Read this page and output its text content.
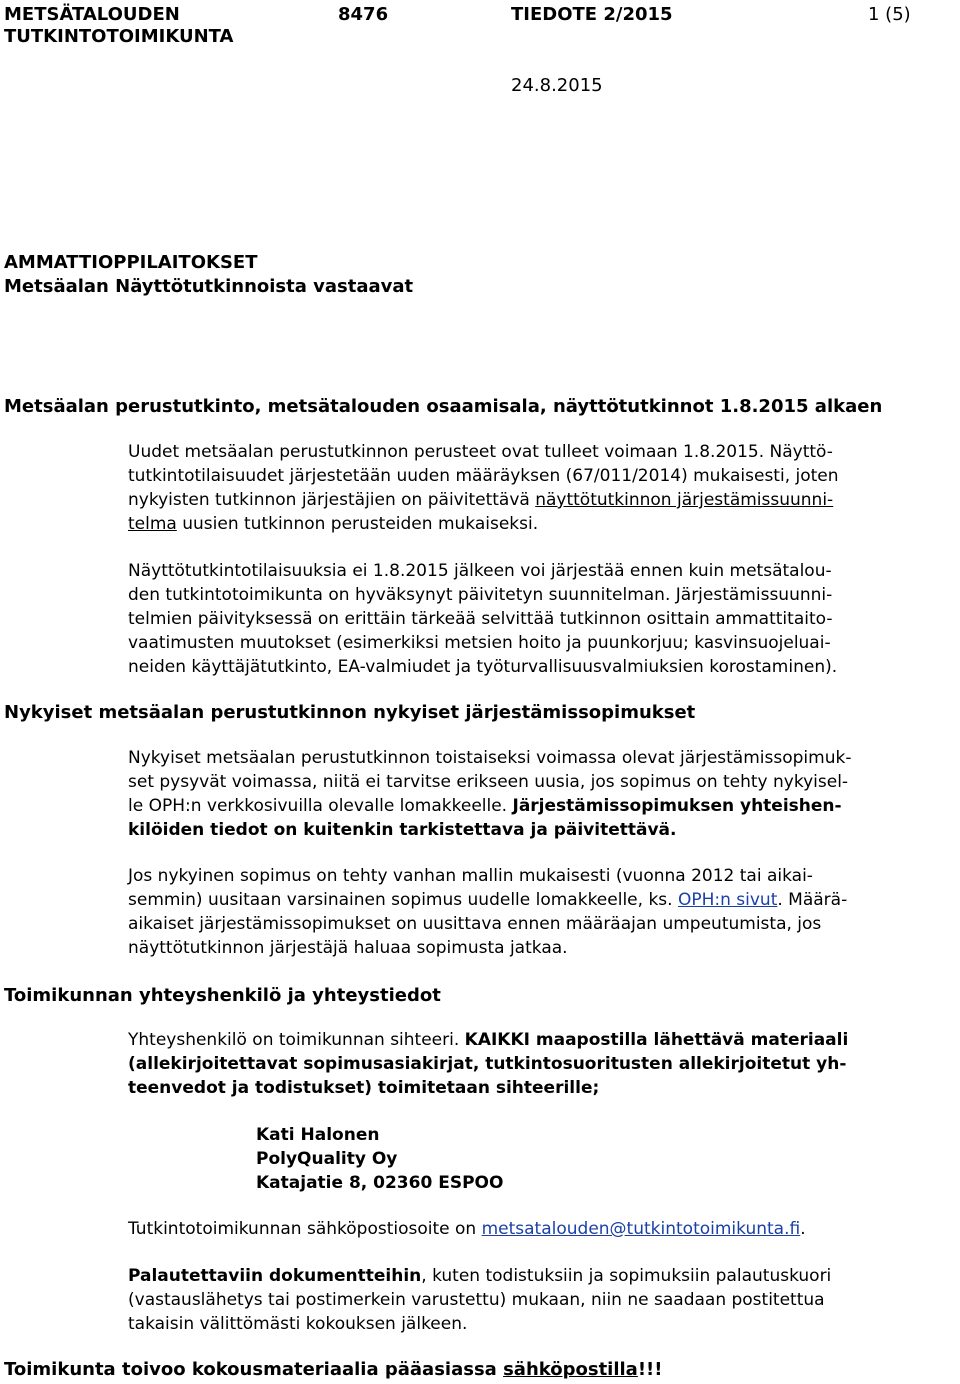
METSÄTALOUDEN
TUTKINTOTOIMIKUNTA
8476	TIEDOTE 2/2015	1 (5)
24.8.2015
AMMATTIOPPILAITOKSET
Metsäalan Näyttötutkinnoista vastaavat
Metsäalan perustutkinto, metsätalouden osaamisala, näyttötutkinnot 1.8.2015 alkaen
Uudet metsäalan perustutkinnon perusteet ovat tulleet voimaan 1.8.2015. Näyttö-
tutkintotilaisuudet järjestetään uuden määräyksen (67/011/2014) mukaisesti, joten
nykyisten tutkinnon järjestäjien on päivitettävä näyttötutkinnon järjestämissuunni-
telma uusien tutkinnon perusteiden mukaiseksi.
Näyttötutkintotilaisuuksia ei 1.8.2015 jälkeen voi järjestää ennen kuin metsätalou-
den tutkintotoimikunta on hyväksynyt päivitetyn suunnitelman. Järjestämissuunni-
telmien päivityksessä on erittäin tärkeää selvittää tutkinnon osittain ammattitaito-
vaatimusten muutokset (esimerkiksi metsien hoito ja puunkorjuu; kasvinsuojeluai-
neiden käyttäjätutkinto, EA-valmiudet ja työturvallisuusvalmiuksien korostaminen).
Nykyiset metsäalan perustutkinnon nykyiset järjestämissopimukset
Nykyiset metsäalan perustutkinnon toistaiseksi voimassa olevat järjestämissopimuk-
set pysyvät voimassa, niitä ei tarvitse erikseen uusia, jos sopimus on tehty nykyisel-
le OPH:n verkkosivuilla olevalle lomakkeelle. Järjestämissopimuksen yhteishen-
kilöiden tiedot on kuitenkin tarkistettava ja päivitettävä.
Jos nykyinen sopimus on tehty vanhan mallin mukaisesti (vuonna 2012 tai aikai-
semmin) uusitaan varsinainen sopimus uudelle lomakkeelle, ks. OPH:n sivut. Määrä-
aikaiset järjestämissopimukset on uusittava ennen määräajan umpeutumista, jos
näyttötutkinnon järjestäjä haluaa sopimusta jatkaa.
Toimikunnan yhteyshenkilö ja yhteystiedot
Yhteyshenkilö on toimikunnan sihteeri. KAIKKI maapostilla lähettävä materiaali
(allekirjoitettavat sopimusasiakirjat, tutkintosuoritusten allekirjoitetut yh-
teenvedot ja todistukset) toimitetaan sihteerille;
Kati Halonen
PolyQuality Oy
Katajatie 8, 02360 ESPOO
Tutkintotoimikunnan sähköpostiosoite on metsatalouden@tutkintotoimikunta.fi.
Palautettaviin dokumentteihin, kuten todistuksiin ja sopimuksiin palautuskuori
(vastauslähetys tai postimerkein varustettu) mukaan, niin ne saadaan postitettua
takaisin välittömästi kokouksen jälkeen.
Toimikunta toivoo kokousmateriaalia pääasiassa sähköpostilla!!!
